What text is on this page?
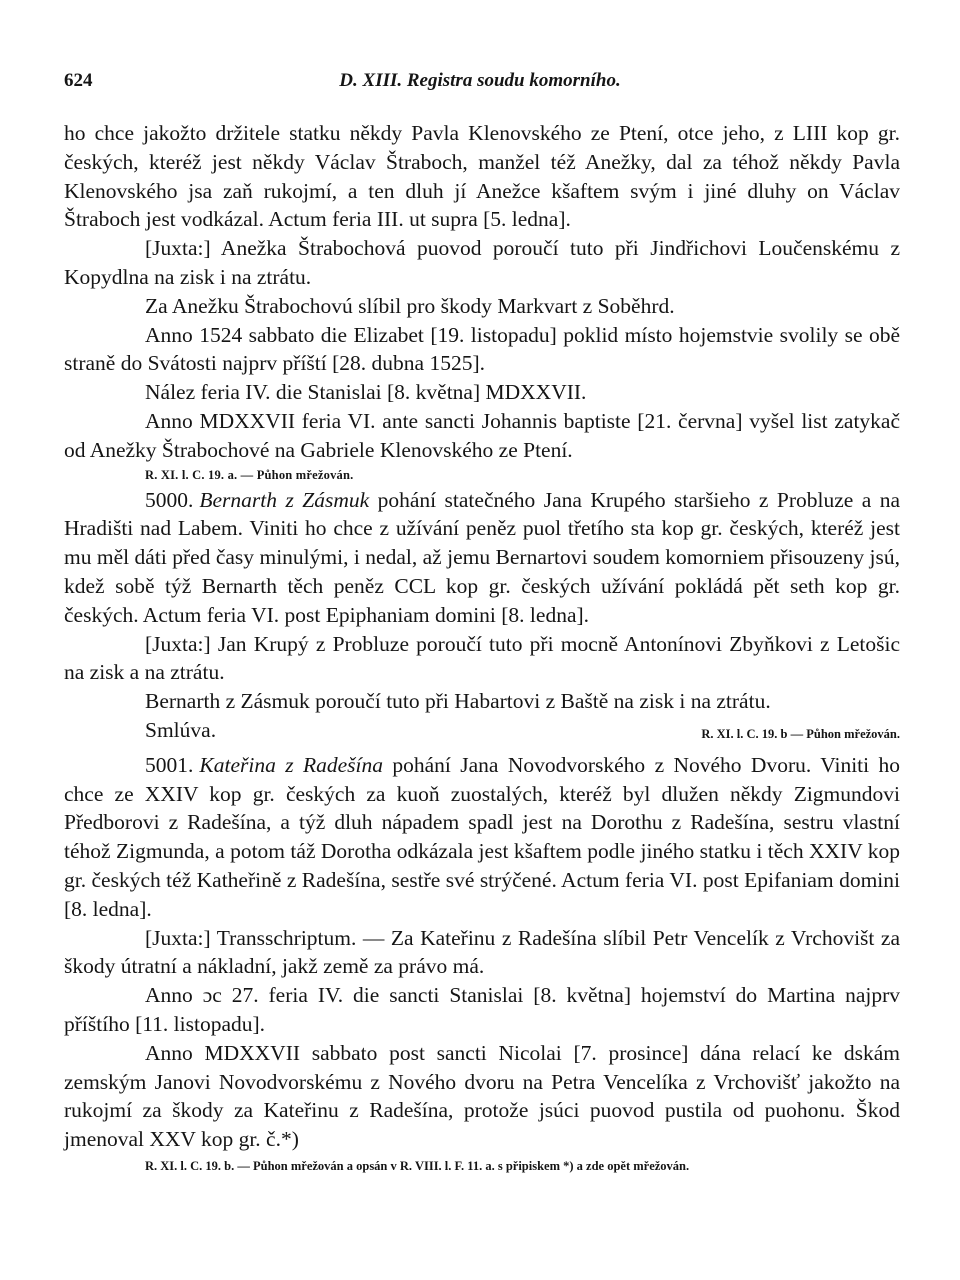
624	D. XIII. Registra soudu komorního.

ho chce jakožto držitele statku někdy Pavla Klenovského ze Ptení, otce jeho, z LIII kop gr. českých, kteréž jest někdy Václav Štraboch, manžel též Anežky, dal za téhož někdy Pavla Klenovského jsa zaň rukojmí, a ten dluh jí Anežce kšaftem svým i jiné dluhy on Václav Štraboch jest vodkázal. Actum feria III. ut supra [5. ledna].

[Juxta:] Anežka Štrabochová puovod poroučí tuto při Jindřichovi Loučenskému z Kopydlna na zisk i na ztrátu.

Za Anežku Štrabochovú slíbil pro škody Markvart z Soběhrd.

Anno 1524 sabbato die Elizabet [19. listopadu] poklid místo hojemstvie svolily se obě straně do Svátosti najprv příští [28. dubna 1525].

Nález feria IV. die Stanislai [8. května] MDXXVII.

Anno MDXXVII feria VI. ante sancti Johannis baptiste [21. června] vyšel list zatykač od Anežky Štrabochové na Gabriele Klenovského ze Ptení.

R. XI. l. C. 19. a. — Půhon mřežován.

5000. Bernarth z Zásmuk pohání statečného Jana Krupého staršieho z Probluze a na Hradišti nad Labem. Viniti ho chce z užívání peněz puol třetího sta kop gr. českých, kteréž jest mu měl dáti před časy minulými, i nedal, až jemu Bernartovi soudem komorniem přisouzeny jsú, kdež sobě týž Bernarth těch peněz CCL kop gr. českých užívání pokládá pět seth kop gr. českých. Actum feria VI. post Epiphaniam domini [8. ledna].

[Juxta:] Jan Krupý z Probluze poroučí tuto při mocně Antonínovi Zbyňkovi z Letošic na zisk a na ztrátu.

Bernarth z Zásmuk poroučí tuto při Habartovi z Baště na zisk i na ztrátu.

R. XI. l. C. 19. b — Půhon mřežován.
Smlúva.

5001. Kateřina z Radešína pohání Jana Novodvorského z Nového Dvoru. Viniti ho chce ze XXIV kop gr. českých za kuoň zuostalých, kteréž byl dlužen někdy Zigmundovi Předborovi z Radešína, a týž dluh nápadem spadl jest na Dorothu z Radešína, sestru vlastní téhož Zigmunda, a potom táž Dorotha odkázala jest kšaftem podle jiného statku i těch XXIV kop gr. českých též Katheřině z Radešína, sestře své strýčené. Actum feria VI. post Epifaniam domini [8. ledna].

[Juxta:] Transschriptum. — Za Kateřinu z Radešína slíbil Petr Vencelík z Vrchovišt za škody útratní a nákladní, jakž země za právo má.

Anno ɔc 27. feria IV. die sancti Stanislai [8. května] hojemství do Martina najprv příštího [11. listopadu].

Anno MDXXVII sabbato post sancti Nicolai [7. prosince] dána relací ke dskám zemským Janovi Novodvorskému z Nového dvoru na Petra Vencelíka z Vrchovišť jakožto na rukojmí za škody za Kateřinu z Radešína, protože jsúci puovod pustila od puohonu. Škod jmenoval XXV kop gr. č.*)

R. XI. l. C. 19. b. — Půhon mřežován a opsán v R. VIII. l. F. 11. a. s připiskem *) a zde opět mřežován.
